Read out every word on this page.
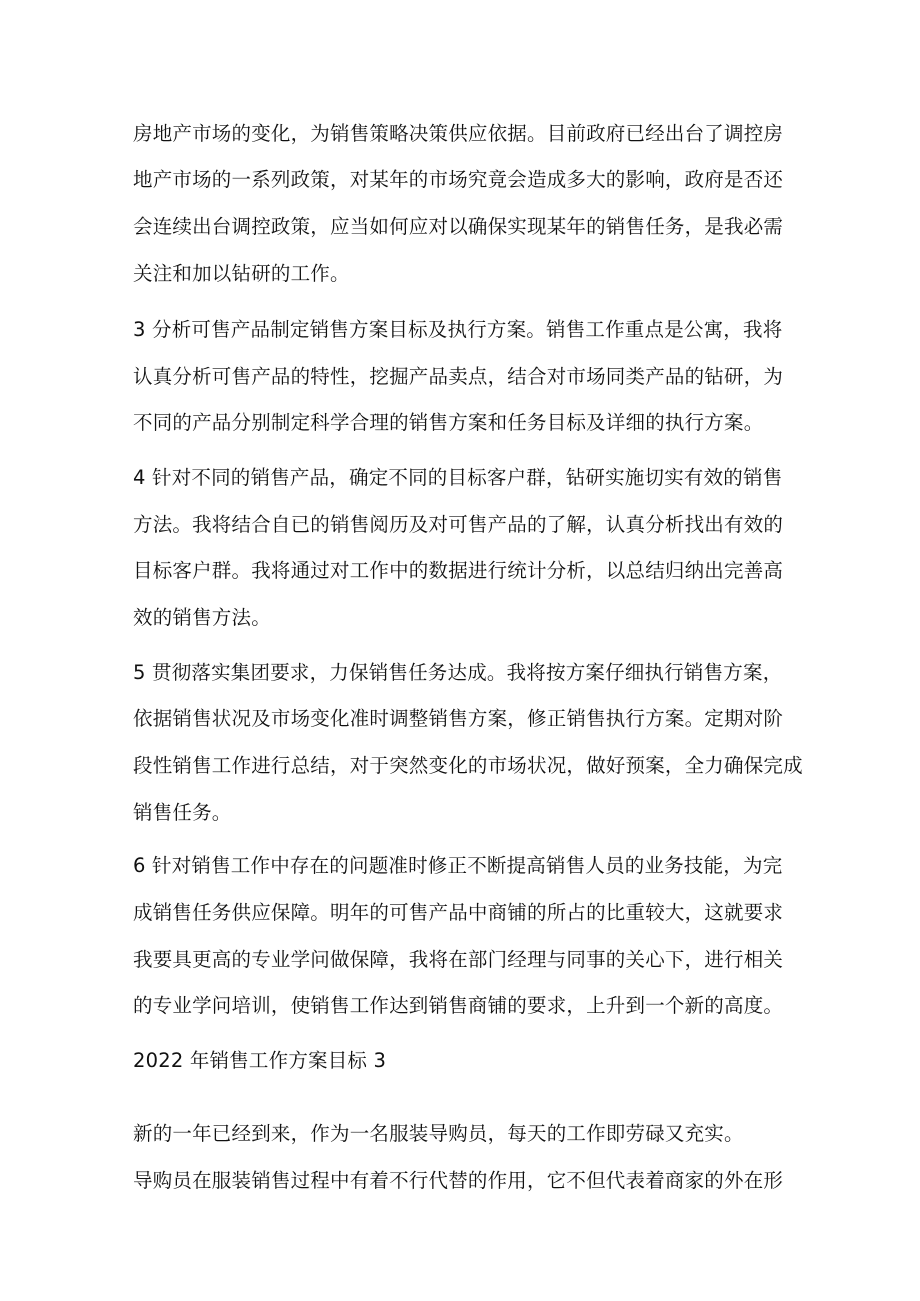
房地产市场的变化，为销售策略决策供应依据。目前政府已经出台了调控房
地产市场的一系列政策，对某年的市场究竟会造成多大的影响，政府是否还
会连续出台调控政策，应当如何应对以确保实现某年的销售任务，是我必需
关注和加以钻研的工作。
3 分析可售产品制定销售方案目标及执行方案。销售工作重点是公寓，我将
认真分析可售产品的特性，挖掘产品卖点，结合对市场同类产品的钻研，为
不同的产品分别制定科学合理的销售方案和任务目标及详细的执行方案。
4 针对不同的销售产品，确定不同的目标客户群，钻研实施切实有效的销售
方法。我将结合自已的销售阅历及对可售产品的了解，认真分析找出有效的
目标客户群。我将通过对工作中的数据进行统计分析，以总结归纳出完善高
效的销售方法。
5 贯彻落实集团要求，力保销售任务达成。我将按方案仔细执行销售方案，
依据销售状况及市场变化准时调整销售方案，修正销售执行方案。定期对阶
段性销售工作进行总结，对于突然变化的市场状况，做好预案，全力确保完成
销售任务。
6 针对销售工作中存在的问题准时修正不断提高销售人员的业务技能，为完
成销售任务供应保障。明年的可售产品中商铺的所占的比重较大，这就要求
我要具更高的专业学问做保障，我将在部门经理与同事的关心下，进行相关
的专业学问培训，使销售工作达到销售商铺的要求，上升到一个新的高度。
2022 年销售工作方案目标 3
新的一年已经到来，作为一名服装导购员，每天的工作即劳碌又充实。
导购员在服装销售过程中有着不行代替的作用，它不但代表着商家的外在形
